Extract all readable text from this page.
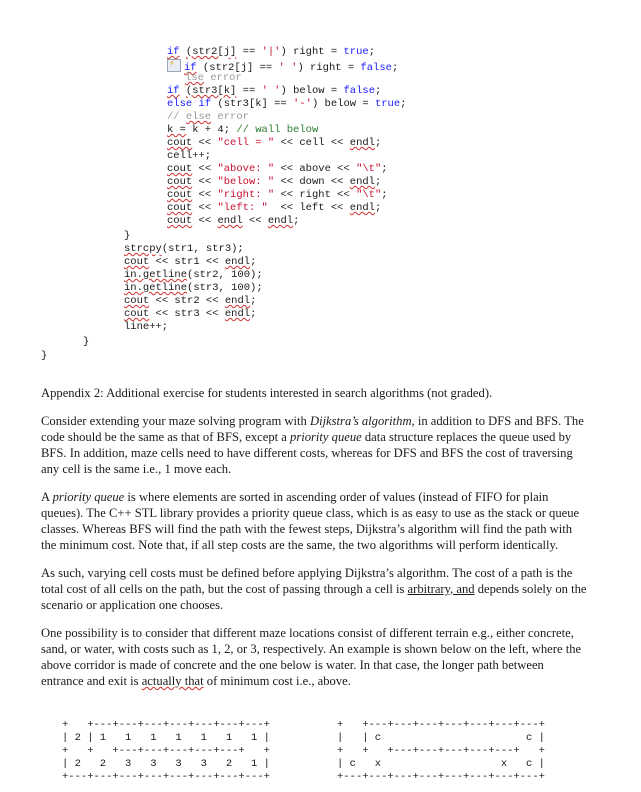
if (str2[j] == '|') right = true;
⚡if (str2[j] == ' ') right = false;
lse error
if (str3[k] == ' ') below = false;
else if (str3[k] == '-') below = true;
// else error
k = k + 4; // wall below
cout << "cell = " << cell << endl;
cell++;
cout << "above: " << above << "\t";
cout << "below: " << down << endl;
cout << "right: " << right << "\t";
cout << "left: "  << left << endl;
cout << endl << endl;
}
strcpy(str1, str3);
cout << str1 << endl;
in.getline(str2, 100);
in.getline(str3, 100);
cout << str2 << endl;
cout << str3 << endl;
line++;
}
}

Appendix 2: Additional exercise for students interested in search algorithms (not graded).

Consider extending your maze solving program with Dijkstra’s algorithm, in addition to DFS and BFS. The code should be the same as that of BFS, except a priority queue data structure replaces the queue used by BFS. In addition, maze cells need to have different costs, whereas for DFS and BFS the cost of traversing any cell is the same i.e., 1 move each.

A priority queue is where elements are sorted in ascending order of values (instead of FIFO for plain queues). The C++ STL library provides a priority queue class, which is as easy to use as the stack or queue classes. Whereas BFS will find the path with the fewest steps, Dijkstra’s algorithm will find the path with the minimum cost. Note that, if all step costs are the same, the two algorithms will perform identically.

As such, varying cell costs must be defined before applying Dijkstra’s algorithm. The cost of a path is the total cost of all cells on the path, but the cost of passing through a cell is arbitrary, and depends solely on the scenario or application one chooses.

One possibility is to consider that different maze locations consist of different terrain e.g., either concrete, sand, or water, with costs such as 1, 2, or 3, respectively. An example is shown below on the left, where the above corridor is made of concrete and the one below is water. In that case, the longer path between entrance and exit is actually that of minimum cost i.e., above.

+   +---+---+---+---+---+---+---+
| 2 | 1   1   1   1   1   1   1 |
+   +   +---+---+---+---+---+   +
| 2   2   3   3   3   3   2   1 |
+---+---+---+---+---+---+---+---+
+   +---+---+---+---+---+---+---+
|   | c                       c |
+   +   +---+---+---+---+---+   +
| c   x                   x   c |
+---+---+---+---+---+---+---+---+
